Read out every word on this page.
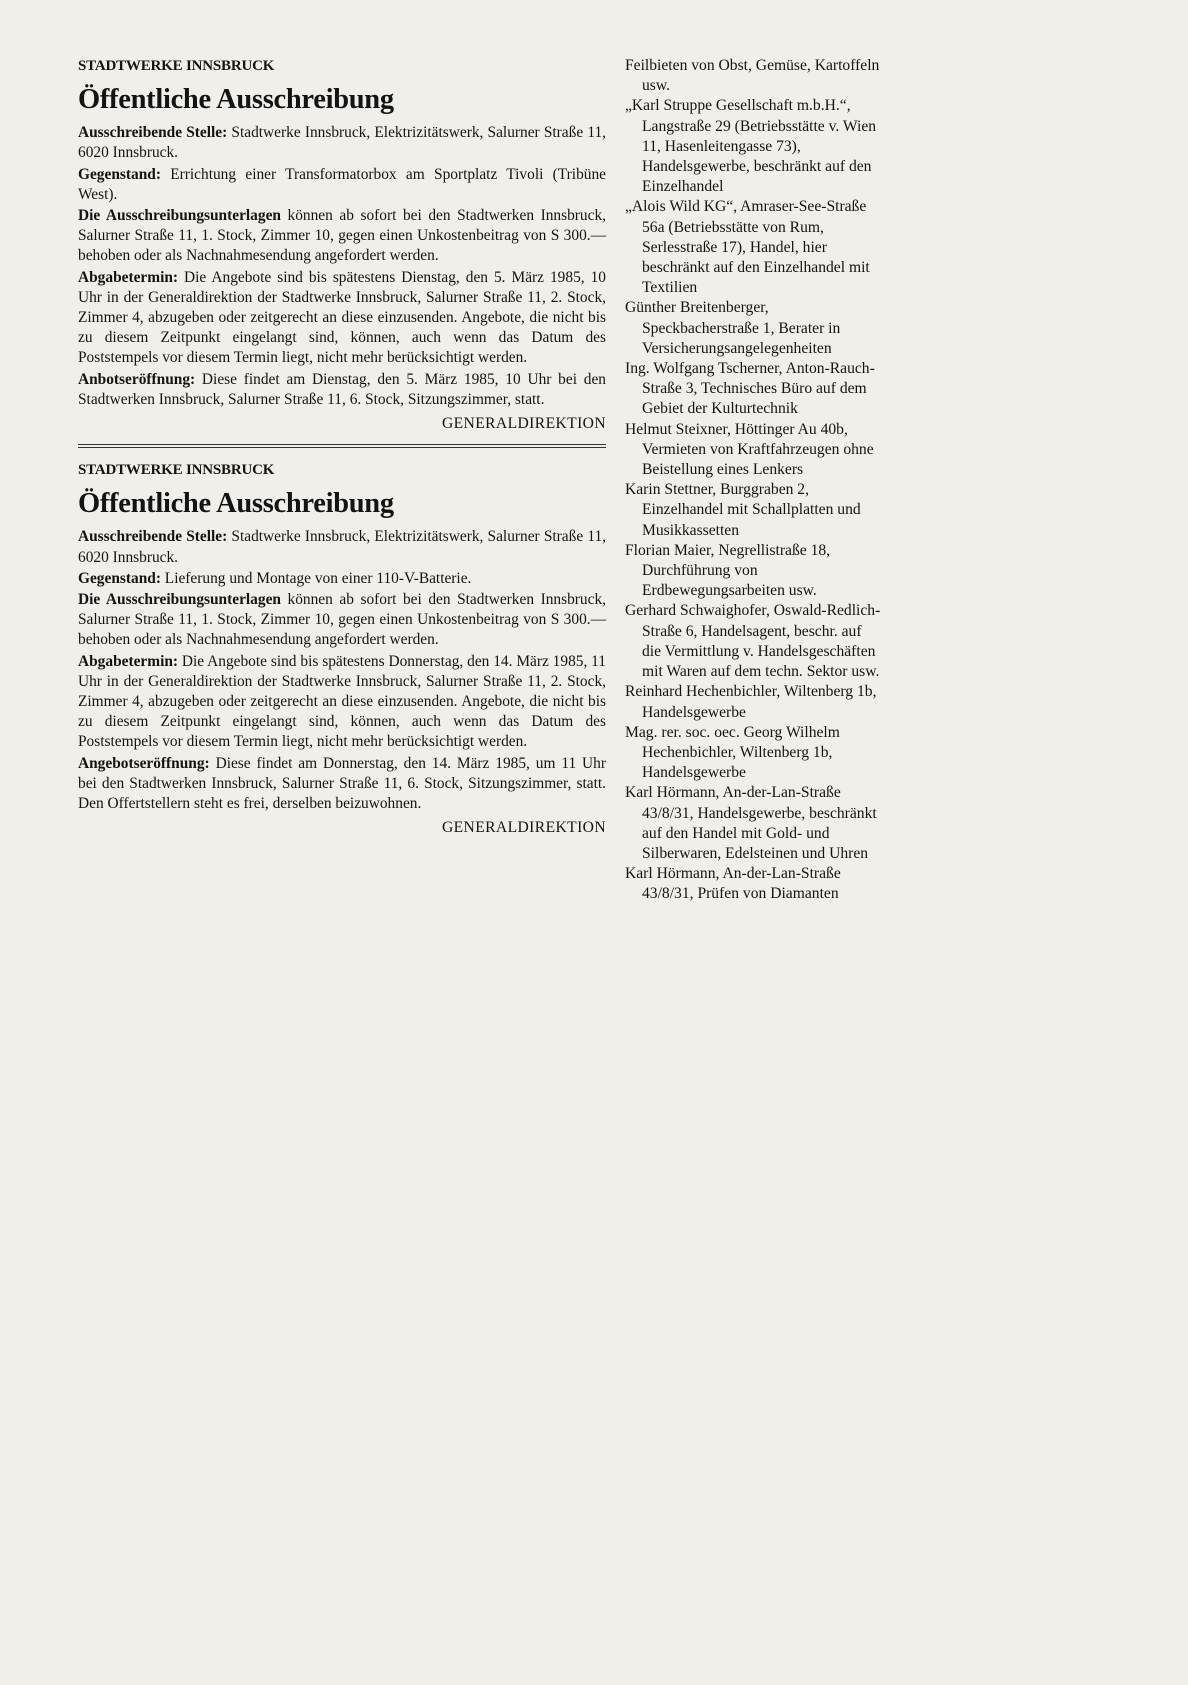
STADTWERKE INNSBRUCK
Öffentliche Ausschreibung

Ausschreibende Stelle: Stadtwerke Innsbruck, Elektrizitätswerk, Salurner Straße 11, 6020 Innsbruck.

Gegenstand: Errichtung einer Transformatorbox am Sportplatz Tivoli (Tribüne West).

Die Ausschreibungsunterlagen können ab sofort bei den Stadtwerken Innsbruck, Salurner Straße 11, 1. Stock, Zimmer 10, gegen einen Unkostenbeitrag von S 300.— behoben oder als Nachnahmesendung angefordert werden.

Abgabetermin: Die Angebote sind bis spätestens Dienstag, den 5. März 1985, 10 Uhr in der Generaldirektion der Stadtwerke Innsbruck, Salurner Straße 11, 2. Stock, Zimmer 4, abzugeben oder zeitgerecht an diese einzusenden. Angebote, die nicht bis zu diesem Zeitpunkt eingelangt sind, können, auch wenn das Datum des Poststempels vor diesem Termin liegt, nicht mehr berücksichtigt werden.

Anbotseröffnung: Diese findet am Dienstag, den 5. März 1985, 10 Uhr bei den Stadtwerken Innsbruck, Salurner Straße 11, 6. Stock, Sitzungszimmer, statt.

GENERALDIREKTION
STADTWERKE INNSBRUCK
Öffentliche Ausschreibung

Ausschreibende Stelle: Stadtwerke Innsbruck, Elektrizitätswerk, Salurner Straße 11, 6020 Innsbruck.

Gegenstand: Lieferung und Montage von einer 110-V-Batterie.

Die Ausschreibungsunterlagen können ab sofort bei den Stadtwerken Innsbruck, Salurner Straße 11, 1. Stock, Zimmer 10, gegen einen Unkostenbeitrag von S 300.— behoben oder als Nachnahmesendung angefordert werden.

Abgabetermin: Die Angebote sind bis spätestens Donnerstag, den 14. März 1985, 11 Uhr in der Generaldirektion der Stadtwerke Innsbruck, Salurner Straße 11, 2. Stock, Zimmer 4, abzugeben oder zeitgerecht an diese einzusenden. Angebote, die nicht bis zu diesem Zeitpunkt eingelangt sind, können, auch wenn das Datum des Poststempels vor diesem Termin liegt, nicht mehr berücksichtigt werden.

Angebotseröffnung: Diese findet am Donnerstag, den 14. März 1985, um 11 Uhr bei den Stadtwerken Innsbruck, Salurner Straße 11, 6. Stock, Sitzungszimmer, statt. Den Offertstellern steht es frei, derselben beizuwohnen.

GENERALDIREKTION

Feilbieten von Obst, Gemüse, Kartoffeln usw.

„Karl Struppe Gesellschaft m.b.H.“, Langstraße 29 (Betriebsstätte v. Wien 11, Hasenleitengasse 73), Handelsgewerbe, beschränkt auf den Einzelhandel

„Alois Wild KG“, Amraser-See-Straße 56a (Betriebsstätte von Rum, Serlesstraße 17), Handel, hier beschränkt auf den Einzelhandel mit Textilien

Günther Breitenberger, Speckbacherstraße 1, Berater in Versicherungsangelegenheiten

Ing. Wolfgang Tscherner, Anton-Rauch-Straße 3, Technisches Büro auf dem Gebiet der Kulturtechnik

Helmut Steixner, Höttinger Au 40b, Vermieten von Kraftfahrzeugen ohne Beistellung eines Lenkers

Karin Stettner, Burggraben 2, Einzelhandel mit Schallplatten und Musikkassetten

Florian Maier, Negrellistraße 18, Durchführung von Erdbewegungsarbeiten usw.

Gerhard Schwaighofer, Oswald-Redlich-Straße 6, Handelsagent, beschr. auf die Vermittlung v. Handelsgeschäften mit Waren auf dem techn. Sektor usw.

Reinhard Hechenbichler, Wiltenberg 1b, Handelsgewerbe

Mag. rer. soc. oec. Georg Wilhelm Hechenbichler, Wiltenberg 1b, Handelsgewerbe

Karl Hörmann, An-der-Lan-Straße 43/8/31, Handelsgewerbe, beschränkt auf den Handel mit Gold- und Silberwaren, Edelsteinen und Uhren

Karl Hörmann, An-der-Lan-Straße 43/8/31, Prüfen von Diamanten
